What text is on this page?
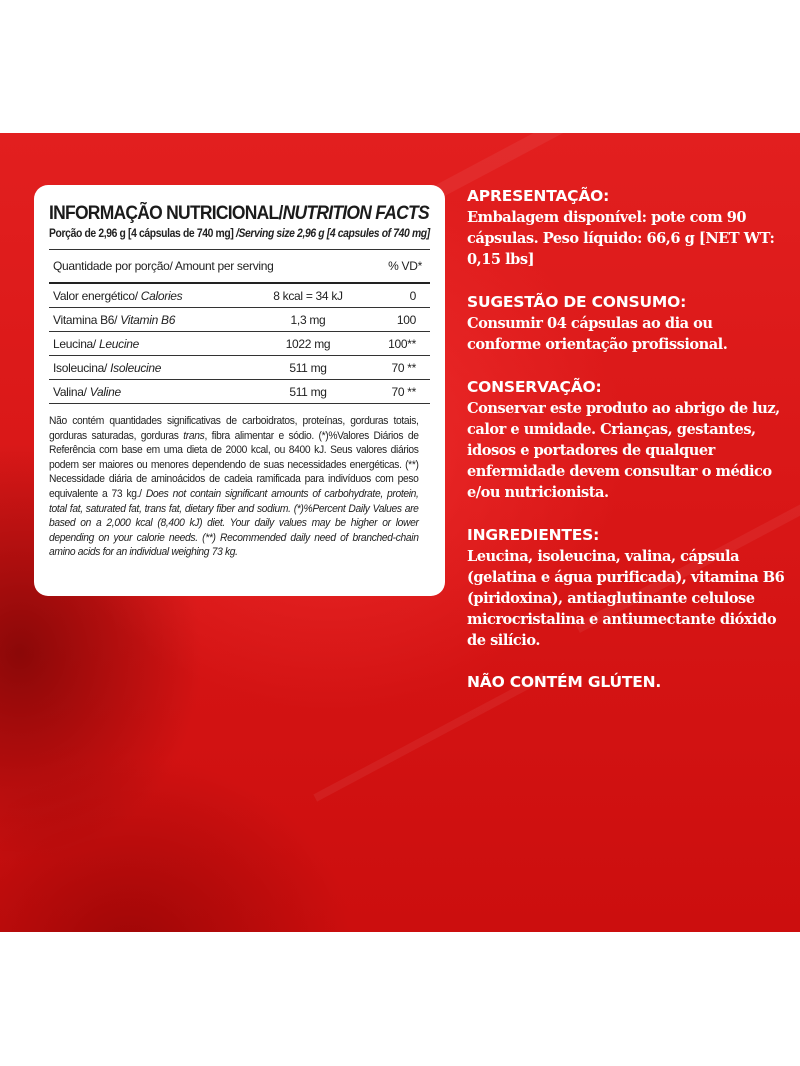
INFORMAÇÃO NUTRICIONAL/NUTRITION FACTS
Porção de 2,96 g [4 cápsulas de 740 mg] /Serving size 2,96 g [4 capsules of 740 mg]
Quantidade por porção/ Amount per serving		% VD*
Valor energético/ Calories	8 kcal = 34 kJ	0
Vitamina B6/ Vitamin B6	1,3 mg	100
Leucina/ Leucine	1022 mg	100**
Isoleucina/ Isoleucine	511 mg	70 **
Valina/ Valine	511 mg	70 **
Não contém quantidades significativas de carboidratos, proteínas, gorduras totais, gorduras saturadas, gorduras trans, fibra alimentar e sódio. (*)%Valores Diários de Referência com base em uma dieta de 2000 kcal, ou 8400 kJ. Seus valores diários podem ser maiores ou menores dependendo de suas necessidades energéticas. (**) Necessidade diária de aminoácidos de cadeia ramificada para indivíduos com peso equivalente a 73 kg./ Does not contain significant amounts of carbohydrate, protein, total fat, saturated fat, trans fat, dietary fiber and sodium. (*)%Percent Daily Values are based on a 2,000 kcal (8,400 kJ) diet. Your daily values may be higher or lower depending on your calorie needs. (**) Recommended daily need of branched-chain amino acids for an individual weighing 73 kg.
APRESENTAÇÃO:

Embalagem disponível: pote com 90 cápsulas. Peso líquido: 66,6 g [NET WT: 0,15 lbs]

SUGESTÃO DE CONSUMO:

Consumir 04 cápsulas ao dia ou conforme orientação profissional.

CONSERVAÇÃO:

Conservar este produto ao abrigo de luz, calor e umidade. Crianças, gestantes, idosos e portadores de qualquer enfermidade devem consultar o médico e/ou nutricionista.

INGREDIENTES:

Leucina, isoleucina, valina, cápsula (gelatina e água purificada), vitamina B6 (piridoxina), antiaglutinante celulose microcristalina e antiumectante dióxido de silício.

NÃO CONTÉM GLÚTEN.
